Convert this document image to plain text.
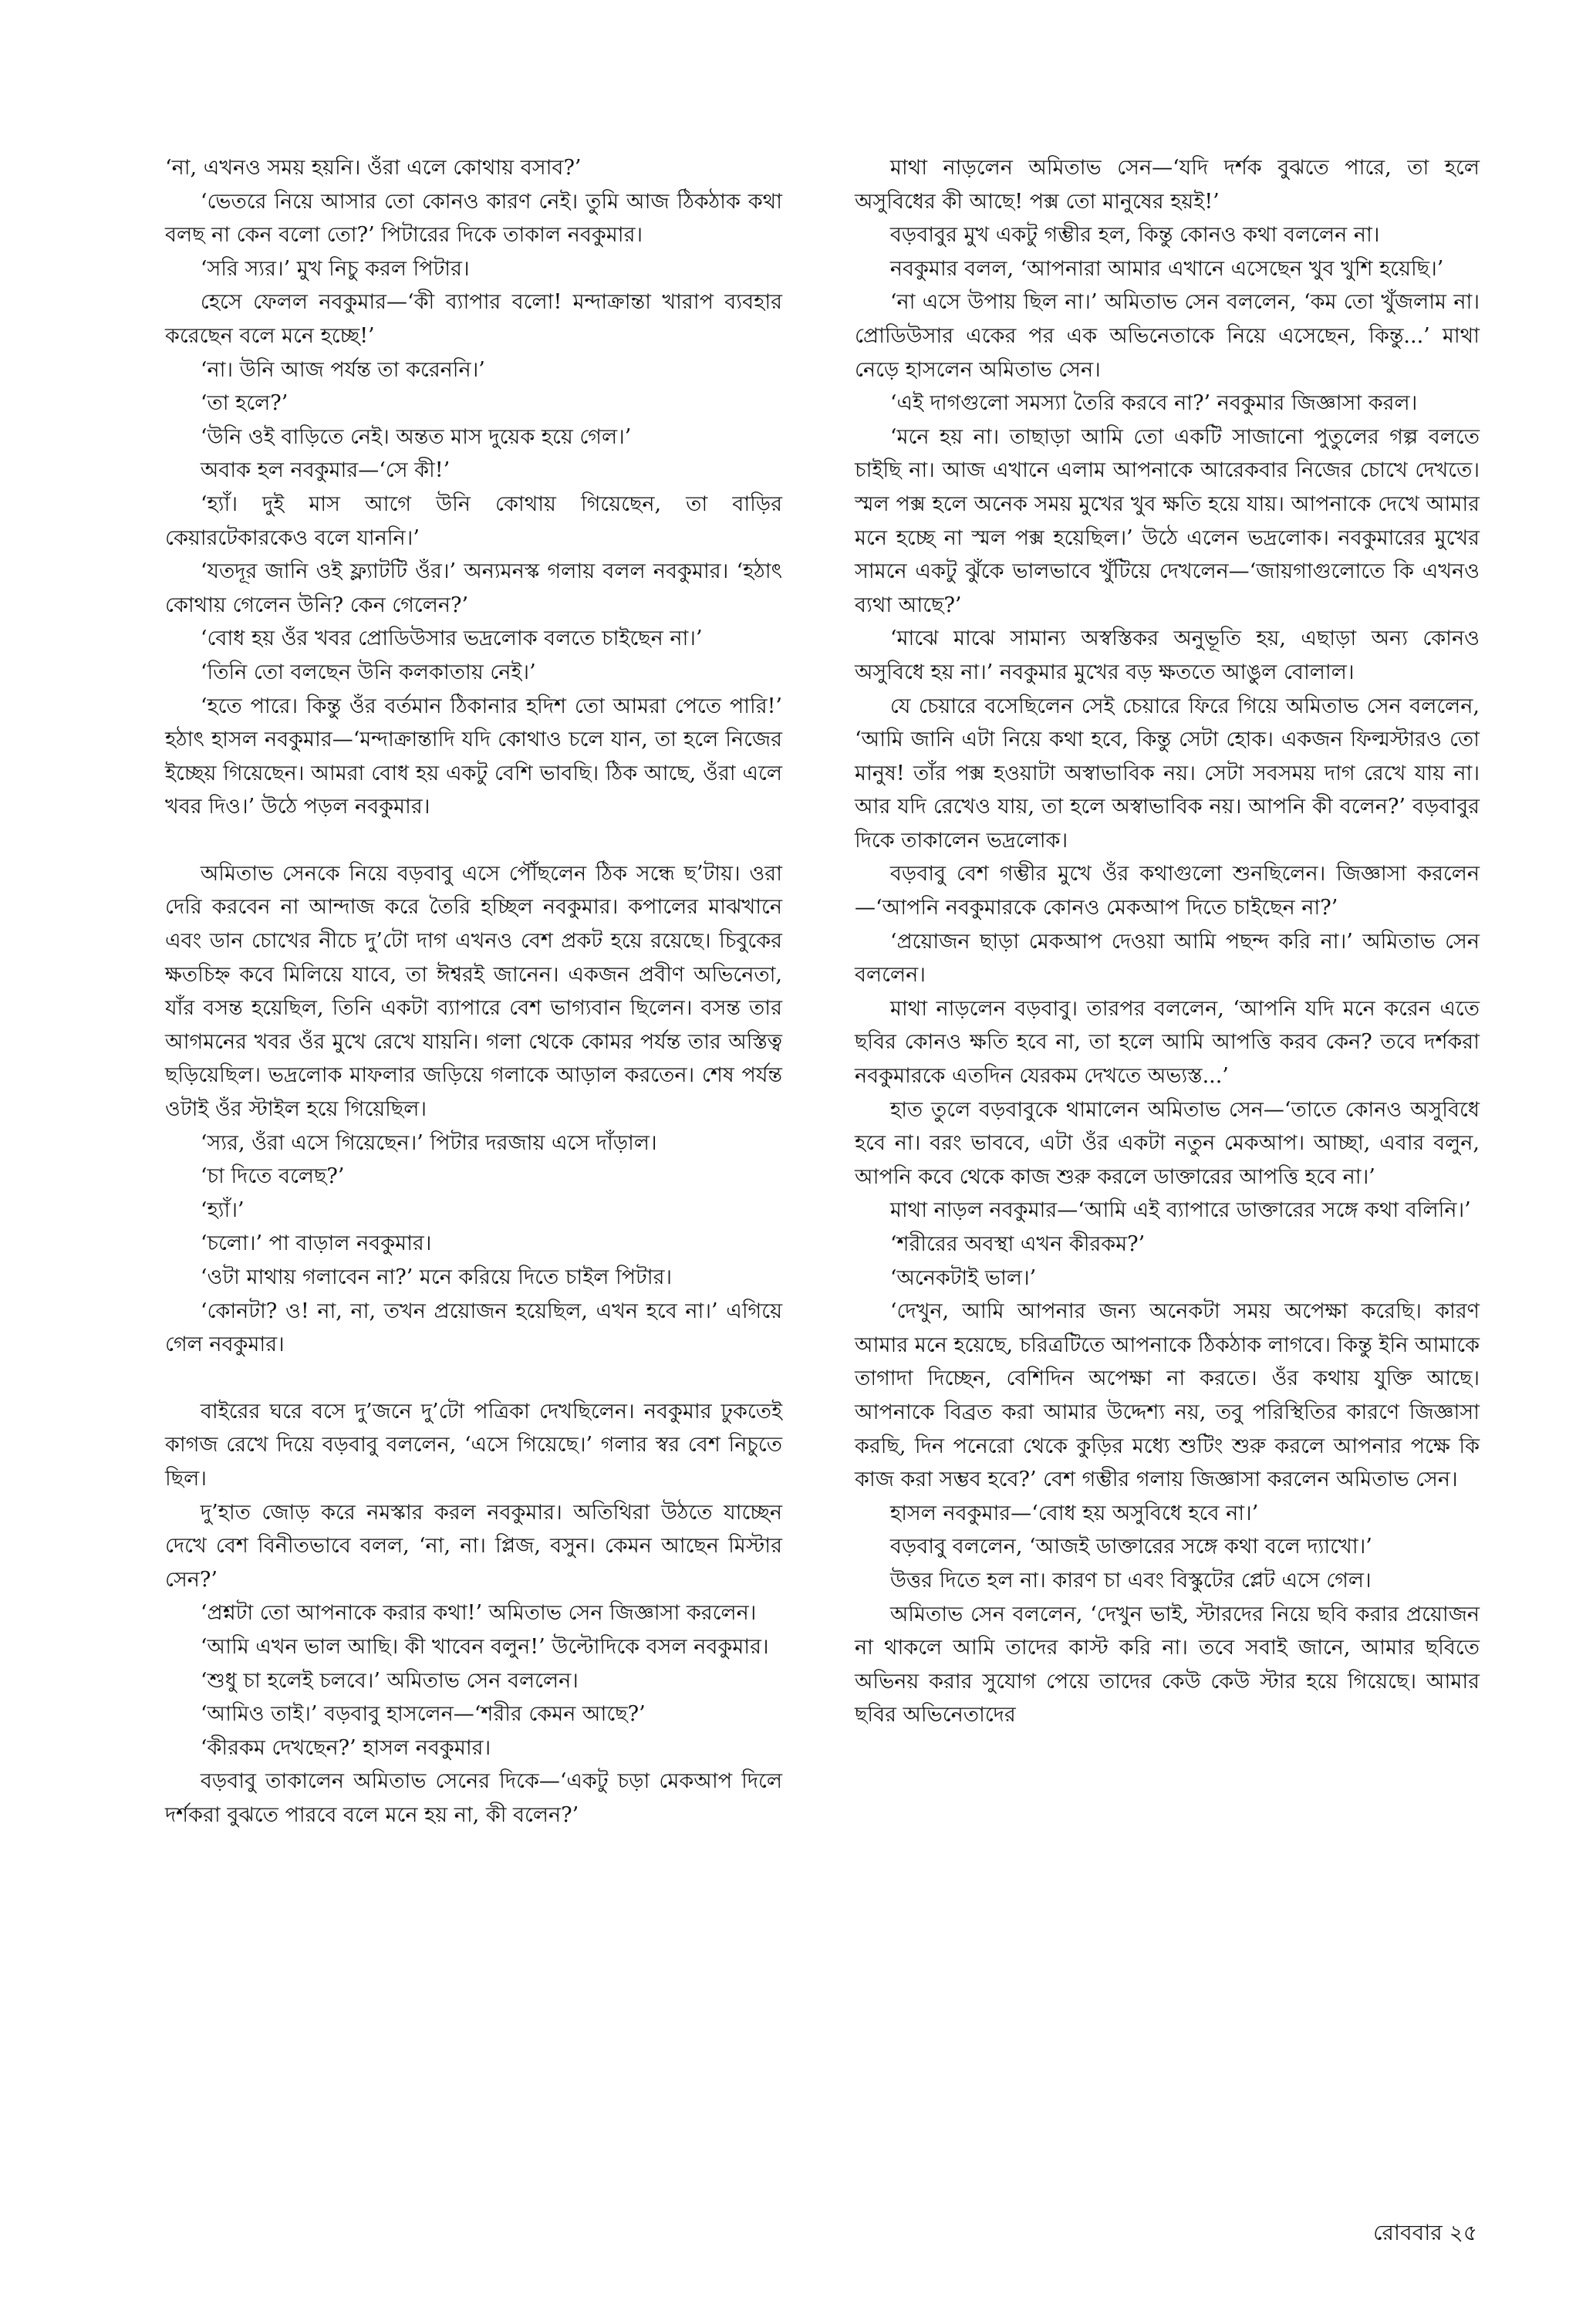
‘না, এখনও সময় হয়নি। ওঁরা এলে কোথায় বসাব?’

‘ভেতরে নিয়ে আসার তো কোনও কারণ নেই। তুমি আজ ঠিকঠাক কথা বলছ না কেন বলো তো?’ পিটারের দিকে তাকাল নবকুমার।

‘সরি স্যর।’ মুখ নিচু করল পিটার।

হেসে ফেলল নবকুমার—‘কী ব্যাপার বলো! মন্দাক্রান্তা খারাপ ব্যবহার করেছেন বলে মনে হচ্ছে!’

‘না। উনি আজ পর্যন্ত তা করেননি।’

‘তা হলে?’

‘উনি ওই বাড়িতে নেই। অন্তত মাস দুয়েক হয়ে গেল।’

অবাক হল নবকুমার—‘সে কী!’

‘হ্যাঁ। দুই মাস আগে উনি কোথায় গিয়েছেন, তা বাড়ির কেয়ারটেকারকেও বলে যাননি।’

‘যতদূর জানি ওই ফ্ল্যাটটি ওঁর।’ অন্যমনস্ক গলায় বলল নবকুমার। ‘হঠাৎ কোথায় গেলেন উনি? কেন গেলেন?’

‘বোধ হয় ওঁর খবর প্রোডিউসার ভদ্রলোক বলতে চাইছেন না।’

‘তিনি তো বলছেন উনি কলকাতায় নেই।’

‘হতে পারে। কিন্তু ওঁর বর্তমান ঠিকানার হদিশ তো আমরা পেতে পারি!’ হঠাৎ হাসল নবকুমার—‘মন্দাক্রান্তাদি যদি কোথাও চলে যান, তা হলে নিজের ইচ্ছেয় গিয়েছেন। আমরা বোধ হয় একটু বেশি ভাবছি। ঠিক আছে, ওঁরা এলে খবর দিও।’ উঠে পড়ল নবকুমার।

অমিতাভ সেনকে নিয়ে বড়বাবু এসে পৌঁছলেন ঠিক সন্ধে ছ’টায়। ওরা দেরি করবেন না আন্দাজ করে তৈরি হচ্ছিল নবকুমার। কপালের মাঝখানে এবং ডান চোখের নীচে দু’টো দাগ এখনও বেশ প্রকট হয়ে রয়েছে। চিবুকের ক্ষতচিহ্ন কবে মিলিয়ে যাবে, তা ঈশ্বরই জানেন। একজন প্রবীণ অভিনেতা, যাঁর বসন্ত হয়েছিল, তিনি একটা ব্যাপারে বেশ ভাগ্যবান ছিলেন। বসন্ত তার আগমনের খবর ওঁর মুখে রেখে যায়নি। গলা থেকে কোমর পর্যন্ত তার অস্তিত্ব ছড়িয়েছিল। ভদ্রলোক মাফলার জড়িয়ে গলাকে আড়াল করতেন। শেষ পর্যন্ত ওটাই ওঁর স্টাইল হয়ে গিয়েছিল।

‘স্যর, ওঁরা এসে গিয়েছেন।’ পিটার দরজায় এসে দাঁড়াল।

‘চা দিতে বলেছ?’

‘হ্যাঁ।’

‘চলো।’ পা বাড়াল নবকুমার।

‘ওটা মাথায় গলাবেন না?’ মনে করিয়ে দিতে চাইল পিটার।

‘কোনটা? ও! না, না, তখন প্রয়োজন হয়েছিল, এখন হবে না।’ এগিয়ে গেল নবকুমার।

বাইরের ঘরে বসে দু’জনে দু’টো পত্রিকা দেখছিলেন। নবকুমার ঢুকতেই কাগজ রেখে দিয়ে বড়বাবু বললেন, ‘এসে গিয়েছে।’ গলার স্বর বেশ নিচুতে ছিল।

দু’হাত জোড় করে নমস্কার করল নবকুমার। অতিথিরা উঠতে যাচ্ছেন দেখে বেশ বিনীতভাবে বলল, ‘না, না। প্লিজ, বসুন। কেমন আছেন মিস্টার সেন?’

‘প্রশ্নটা তো আপনাকে করার কথা!’ অমিতাভ সেন জিজ্ঞাসা করলেন।

‘আমি এখন ভাল আছি। কী খাবেন বলুন!’ উল্টোদিকে বসল নবকুমার।

‘শুধু চা হলেই চলবে।’ অমিতাভ সেন বললেন।

‘আমিও তাই।’ বড়বাবু হাসলেন—‘শরীর কেমন আছে?’

‘কীরকম দেখছেন?’ হাসল নবকুমার।

বড়বাবু তাকালেন অমিতাভ সেনের দিকে—‘একটু চড়া মেকআপ দিলে দর্শকরা বুঝতে পারবে বলে মনে হয় না, কী বলেন?’

মাথা নাড়লেন অমিতাভ সেন—‘যদি দর্শক বুঝতে পারে, তা হলে অসুবিধের কী আছে! পক্স তো মানুষের হয়ই!’

বড়বাবুর মুখ একটু গম্ভীর হল, কিন্তু কোনও কথা বললেন না।

নবকুমার বলল, ‘আপনারা আমার এখানে এসেছেন খুব খুশি হয়েছি।’

‘না এসে উপায় ছিল না।’ অমিতাভ সেন বললেন, ‘কম তো খুঁজলাম না। প্রোডিউসার একের পর এক অভিনেতাকে নিয়ে এসেছেন, কিন্তু...’ মাথা নেড়ে হাসলেন অমিতাভ সেন।

‘এই দাগগুলো সমস্যা তৈরি করবে না?’ নবকুমার জিজ্ঞাসা করল।

‘মনে হয় না। তাছাড়া আমি তো একটি সাজানো পুতুলের গল্প বলতে চাইছি না। আজ এখানে এলাম আপনাকে আরেকবার নিজের চোখে দেখতে। স্মল পক্স হলে অনেক সময় মুখের খুব ক্ষতি হয়ে যায়। আপনাকে দেখে আমার মনে হচ্ছে না স্মল পক্স হয়েছিল।’ উঠে এলেন ভদ্রলোক। নবকুমারের মুখের সামনে একটু ঝুঁকে ভালভাবে খুঁটিয়ে দেখলেন—‘জায়গাগুলোতে কি এখনও ব্যথা আছে?’

‘মাঝে মাঝে সামান্য অস্বস্তিকর অনুভূতি হয়, এছাড়া অন্য কোনও অসুবিধে হয় না।’ নবকুমার মুখের বড় ক্ষততে আঙুল বোলাল।

যে চেয়ারে বসেছিলেন সেই চেয়ারে ফিরে গিয়ে অমিতাভ সেন বললেন, ‘আমি জানি এটা নিয়ে কথা হবে, কিন্তু সেটা হোক। একজন ফিল্মস্টারও তো মানুষ! তাঁর পক্স হওয়াটা অস্বাভাবিক নয়। সেটা সবসময় দাগ রেখে যায় না। আর যদি রেখেও যায়, তা হলে অস্বাভাবিক নয়। আপনি কী বলেন?’ বড়বাবুর দিকে তাকালেন ভদ্রলোক।

বড়বাবু বেশ গম্ভীর মুখে ওঁর কথাগুলো শুনছিলেন। জিজ্ঞাসা করলেন—‘আপনি নবকুমারকে কোনও মেকআপ দিতে চাইছেন না?’

‘প্রয়োজন ছাড়া মেকআপ দেওয়া আমি পছন্দ করি না।’ অমিতাভ সেন বললেন।

মাথা নাড়লেন বড়বাবু। তারপর বললেন, ‘আপনি যদি মনে করেন এতে ছবির কোনও ক্ষতি হবে না, তা হলে আমি আপত্তি করব কেন? তবে দর্শকরা নবকুমারকে এতদিন যেরকম দেখতে অভ্যস্ত...’

হাত তুলে বড়বাবুকে থামালেন অমিতাভ সেন—‘তাতে কোনও অসুবিধে হবে না। বরং ভাববে, এটা ওঁর একটা নতুন মেকআপ। আচ্ছা, এবার বলুন, আপনি কবে থেকে কাজ শুরু করলে ডাক্তারের আপত্তি হবে না।’

মাথা নাড়ল নবকুমার—‘আমি এই ব্যাপারে ডাক্তারের সঙ্গে কথা বলিনি।’

‘শরীরের অবস্থা এখন কীরকম?’

‘অনেকটাই ভাল।’

‘দেখুন, আমি আপনার জন্য অনেকটা সময় অপেক্ষা করেছি। কারণ আমার মনে হয়েছে, চরিত্রটিতে আপনাকে ঠিকঠাক লাগবে। কিন্তু ইনি আমাকে তাগাদা দিচ্ছেন, বেশিদিন অপেক্ষা না করতে। ওঁর কথায় যুক্তি আছে। আপনাকে বিব্রত করা আমার উদ্দেশ্য নয়, তবু পরিস্থিতির কারণে জিজ্ঞাসা করছি, দিন পনেরো থেকে কুড়ির মধ্যে শুটিং শুরু করলে আপনার পক্ষে কি কাজ করা সম্ভব হবে?’ বেশ গম্ভীর গলায় জিজ্ঞাসা করলেন অমিতাভ সেন।

হাসল নবকুমার—‘বোধ হয় অসুবিধে হবে না।’

বড়বাবু বললেন, ‘আজই ডাক্তারের সঙ্গে কথা বলে দ্যাখো।’

উত্তর দিতে হল না। কারণ চা এবং বিস্কুটের প্লেট এসে গেল।

অমিতাভ সেন বললেন, ‘দেখুন ভাই, স্টারদের নিয়ে ছবি করার প্রয়োজন না থাকলে আমি তাদের কাস্ট করি না। তবে সবাই জানে, আমার ছবিতে অভিনয় করার সুযোগ পেয়ে তাদের কেউ কেউ স্টার হয়ে গিয়েছে। আমার ছবির অভিনেতাদের

রোববার ২৫
